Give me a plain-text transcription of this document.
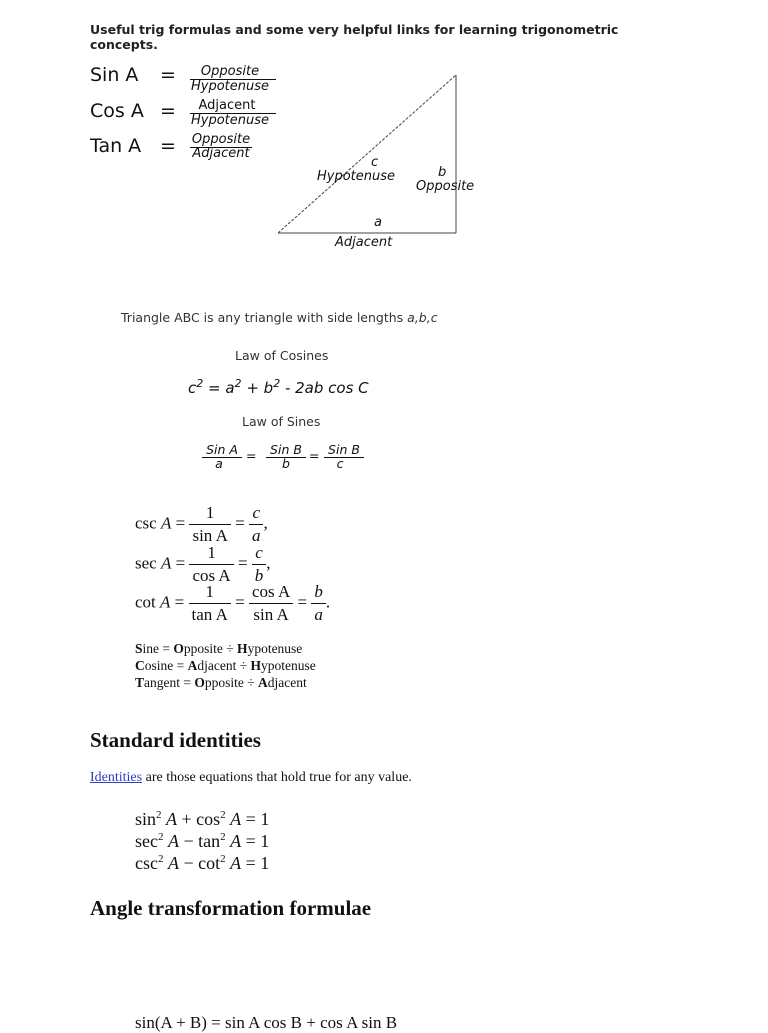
Useful trig formulas and some very helpful links for learning trigonometric concepts.
Sin A =	Opposite
Hypotenuse
Cos A =	Adjacent
Hypotenuse
Tan A =	Opposite
Adjacent
c
Hypotenuse	b
Opposite
a
Adjacent
Triangle ABC is any triangle with side lengths a,b,c
Law of Cosines
$c^2 = a^2 + b^2 - 2ab$ cos C
Law of Sines
Sin A
a
=	Sin B
b
= Sin B
c
$\csc A = \frac{1}{\text{sin A}} = \frac{c}{a}$ ,
$\sec A = \frac{1}{\text{cos A}} = \frac{c}{b}$ ,
$\cot A = \frac{1}{\text{tan A}} = \frac{\text{cos A}}{\text{sin A}} = \frac{b}{a}$ .
Sine = Opposite ÷ Hypotenuse
Cosine = Adjacent ÷ Hypotenuse
Tangent = Opposite ÷ Adjacent
Standard identities
Identities are those equations that hold true for any value.
$\sin^2 A + \cos^2 A = 1$
$\sec^2 A - \tan^2 A = 1$
$\csc^2 A - \cot^2 A = 1$
Angle transformation formulae
sin(A + B) = sin A cos B + cos A sin B
